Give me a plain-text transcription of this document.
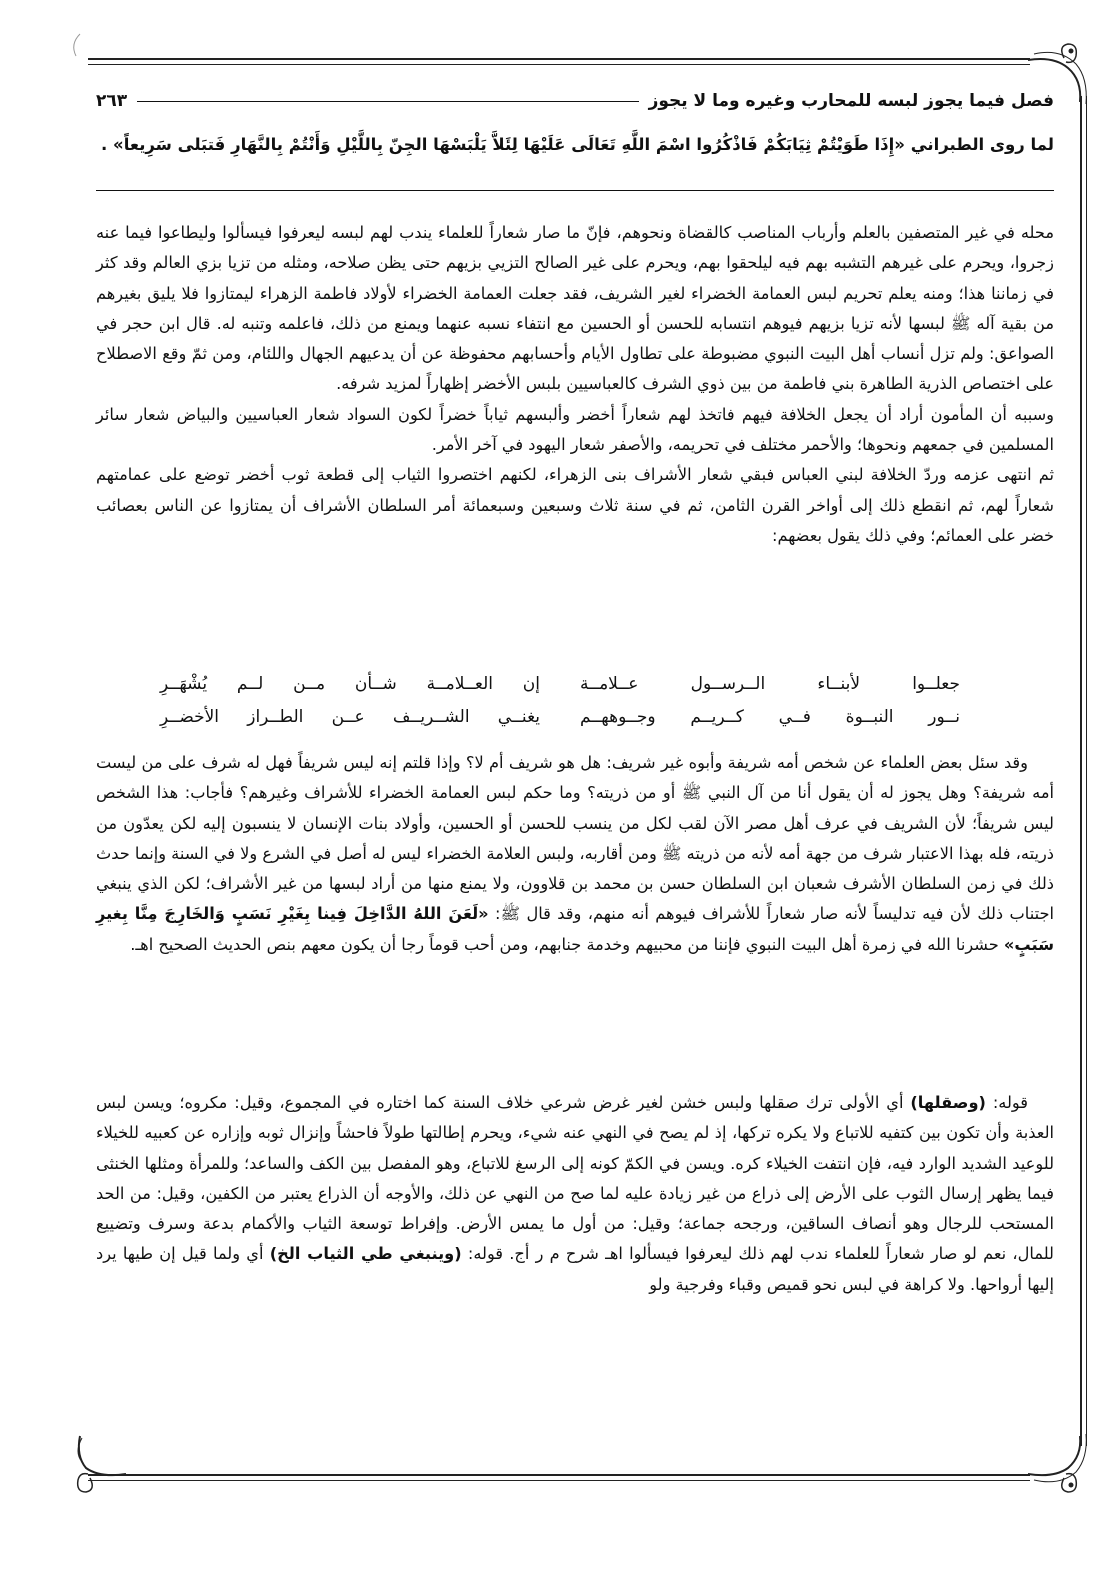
فصل فيما يجوز لبسه للمحارب وغيره وما لا يجوز
٢٦٣
لما روى الطبراني «إِذَا طَوَيْتُمْ ثِيَابَكُمْ فَاذْكُرُوا اسْمَ اللَّهِ تَعَالَى عَلَيْهَا لِئَلاَّ يَلْبَسْهَا الجِنّ بِاللَّيْلِ وَأَنْتُمْ بِالنَّهَارِ فَتبَلى سَرِيعاً» .

محله في غير المتصفين بالعلم وأرباب المناصب كالقضاة ونحوهم، فإنّ ما صار شعاراً للعلماء يندب لهم لبسه ليعرفوا فيسألوا وليطاعوا فيما عنه زجروا، ويحرم على غيرهم التشبه بهم فيه ليلحقوا بهم، ويحرم على غير الصالح التزيي بزيهم حتى يظن صلاحه، ومثله من تزيا بزي العالم وقد كثر في زماننا هذا؛ ومنه يعلم تحريم لبس العمامة الخضراء لغير الشريف، فقد جعلت العمامة الخضراء لأولاد فاطمة الزهراء ليمتازوا فلا يليق بغيرهم من بقية آله ﷺ لبسها لأنه تزيا بزيهم فيوهم انتسابه للحسن أو الحسين مع انتفاء نسبه عنهما ويمنع من ذلك، فاعلمه وتنبه له. قال ابن حجر في الصواعق: ولم تزل أنساب أهل البيت النبوي مضبوطة على تطاول الأيام وأحسابهم محفوظة عن أن يدعيهم الجهال واللئام، ومن ثمّ وقع الاصطلاح على اختصاص الذرية الطاهرة بني فاطمة من بين ذوي الشرف كالعباسيين بلبس الأخضر إظهاراً لمزيد شرفه.

وسببه أن المأمون أراد أن يجعل الخلافة فيهم فاتخذ لهم شعاراً أخضر وألبسهم ثياباً خضراً لكون السواد شعار العباسيين والبياض شعار سائر المسلمين في جمعهم ونحوها؛ والأحمر مختلف في تحريمه، والأصفر شعار اليهود في آخر الأمر.

ثم انتهى عزمه وردّ الخلافة لبني العباس فبقي شعار الأشراف بنى الزهراء، لكنهم اختصروا الثياب إلى قطعة ثوب أخضر توضع على عمامتهم شعاراً لهم، ثم انقطع ذلك إلى أواخر القرن الثامن، ثم في سنة ثلاث وسبعين وسبعمائة أمر السلطان الأشراف أن يمتازوا عن الناس بعصائب خضر على العمائم؛ وفي ذلك يقول بعضهم:

جعلــوا لأبنــاء الــرســول عــلامــة
إن العــلامــة شــأن مــن لــم يُشْهَــرِ
نــور النبــوة فــي كــريــم وجــوههــم
يغنــي الشــريــف عــن الطــراز الأخضــرِ

وقد سئل بعض العلماء عن شخص أمه شريفة وأبوه غير شريف: هل هو شريف أم لا؟ وإذا قلتم إنه ليس شريفاً فهل له شرف على من ليست أمه شريفة؟ وهل يجوز له أن يقول أنا من آل النبي ﷺ أو من ذريته؟ وما حكم لبس العمامة الخضراء للأشراف وغيرهم؟ فأجاب: هذا الشخص ليس شريفاً؛ لأن الشريف في عرف أهل مصر الآن لقب لكل من ينسب للحسن أو الحسين، وأولاد بنات الإنسان لا ينسبون إليه لكن يعدّون من ذريته، فله بهذا الاعتبار شرف من جهة أمه لأنه من ذريته ﷺ ومن أقاربه، ولبس العلامة الخضراء ليس له أصل في الشرع ولا في السنة وإنما حدث ذلك في زمن السلطان الأشرف شعبان ابن السلطان حسن بن محمد بن قلاوون، ولا يمنع منها من أراد لبسها من غير الأشراف؛ لكن الذي ينبغي اجتناب ذلك لأن فيه تدليساً لأنه صار شعاراً للأشراف فيوهم أنه منهم، وقد قال ﷺ: «لَعَنَ اللهُ الدَّاخِلَ فِينا بِغَيْرِ نَسَبٍ وَالخَارِجَ مِنَّا بِغيرِ سَبَبٍ» حشرنا الله في زمرة أهل البيت النبوي فإننا من محبيهم وخدمة جنابهم، ومن أحب قوماً رجا أن يكون معهم بنص الحديث الصحيح اهـ.

قوله: (وصقلها) أي الأولى ترك صقلها ولبس خشن لغير غرض شرعي خلاف السنة كما اختاره في المجموع، وقيل: مكروه؛ ويسن لبس العذبة وأن تكون بين كتفيه للاتباع ولا يكره تركها، إذ لم يصح في النهي عنه شيء، ويحرم إطالتها طولاً فاحشاً وإنزال ثوبه وإزاره عن كعبيه للخيلاء للوعيد الشديد الوارد فيه، فإن انتفت الخيلاء كره. ويسن في الكمّ كونه إلى الرسغ للاتباع، وهو المفصل بين الكف والساعد؛ وللمرأة ومثلها الخنثى فيما يظهر إرسال الثوب على الأرض إلى ذراع من غير زيادة عليه لما صح من النهي عن ذلك، والأوجه أن الذراع يعتبر من الكفين، وقيل: من الحد المستحب للرجال وهو أنصاف الساقين، ورجحه جماعة؛ وقيل: من أول ما يمس الأرض. وإفراط توسعة الثياب والأكمام بدعة وسرف وتضييع للمال، نعم لو صار شعاراً للعلماء ندب لهم ذلك ليعرفوا فيسألوا اهـ شرح م ر أج. قوله: (وينبغي طي الثياب الخ) أي ولما قيل إن طيها يرد إليها أرواحها. ولا كراهة في لبس نحو قميص وقباء وفرجية ولو
